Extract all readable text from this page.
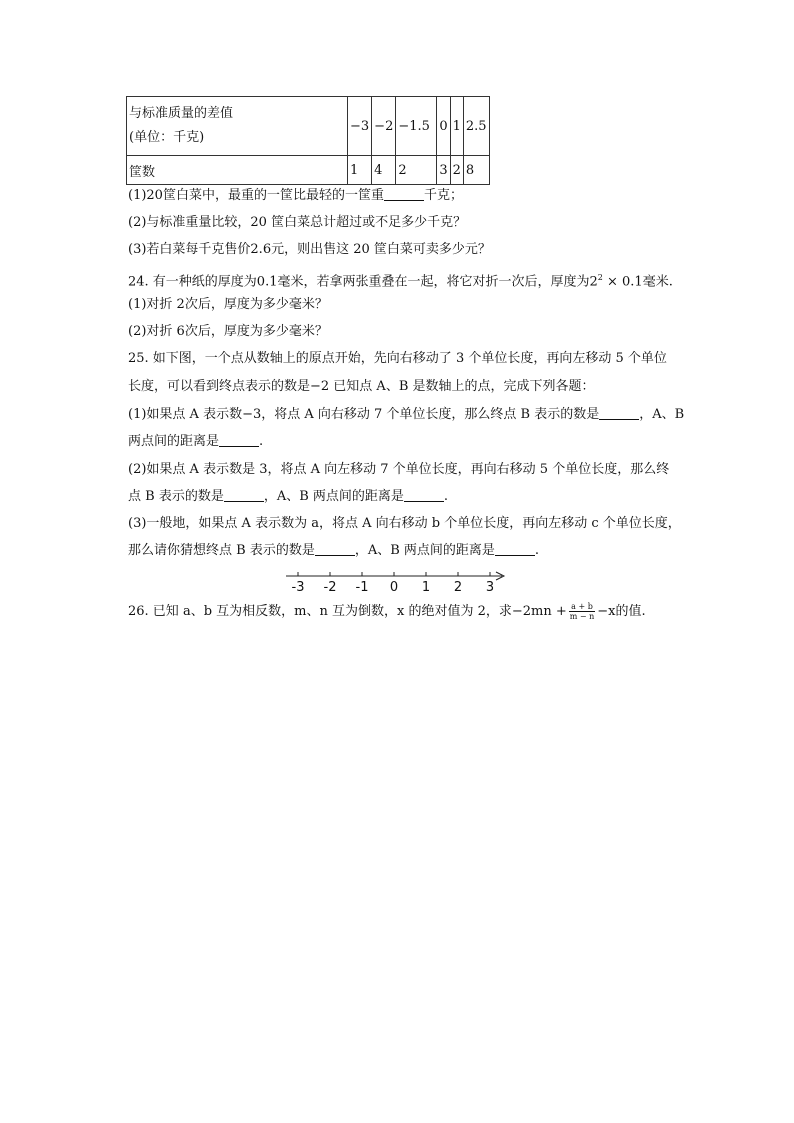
与标准质量的差值
(单位：千克)	−3	−2	−1.5	0	1	2.5
筐数	1	4	2	3	2	8
(1)20筐白菜中，最重的一筐比最轻的一筐重	千克；
(2)与标准重量比较，20 筐白菜总计超过或不足多少千克？
(3)若白菜每千克售价2.6元，则出售这 20 筐白菜可卖多少元？
24. 有一种纸的厚度为0.1毫米，若拿两张重叠在一起，将它对折一次后，厚度为$2^2 \times 0.1$毫米.
(1)对折 2次后，厚度为多少毫米？
(2)对折 6次后，厚度为多少毫米？
25. 如下图，一个点从数轴上的原点开始，先向右移动了 3 个单位长度，再向左移动 5 个单位
长度，可以看到终点表示的数是−2 已知点 A、B 是数轴上的点，完成下列各题：
(1)如果点 A 表示数−3，将点 A 向右移动 7 个单位长度，那么终点 B 表示的数是	，A、B
两点间的距离是	.
(2)如果点 A 表示数是 3，将点 A 向左移动 7 个单位长度，再向右移动 5 个单位长度，那么终
点 B 表示的数是	，A、B 两点间的距离是	.
(3)一般地，如果点 A 表示数为 a，将点 A 向右移动 b 个单位长度，再向左移动 c 个单位长度，
那么请你猜想终点 B 表示的数是	，A、B 两点间的距离是	.
-3 -2 -1 0 1 2 3
26. 已知 a、b 互为相反数，m、n 互为倒数，x 的绝对值为 2，求$-2mn + \frac{a + b}{m - n} -x$的值.
